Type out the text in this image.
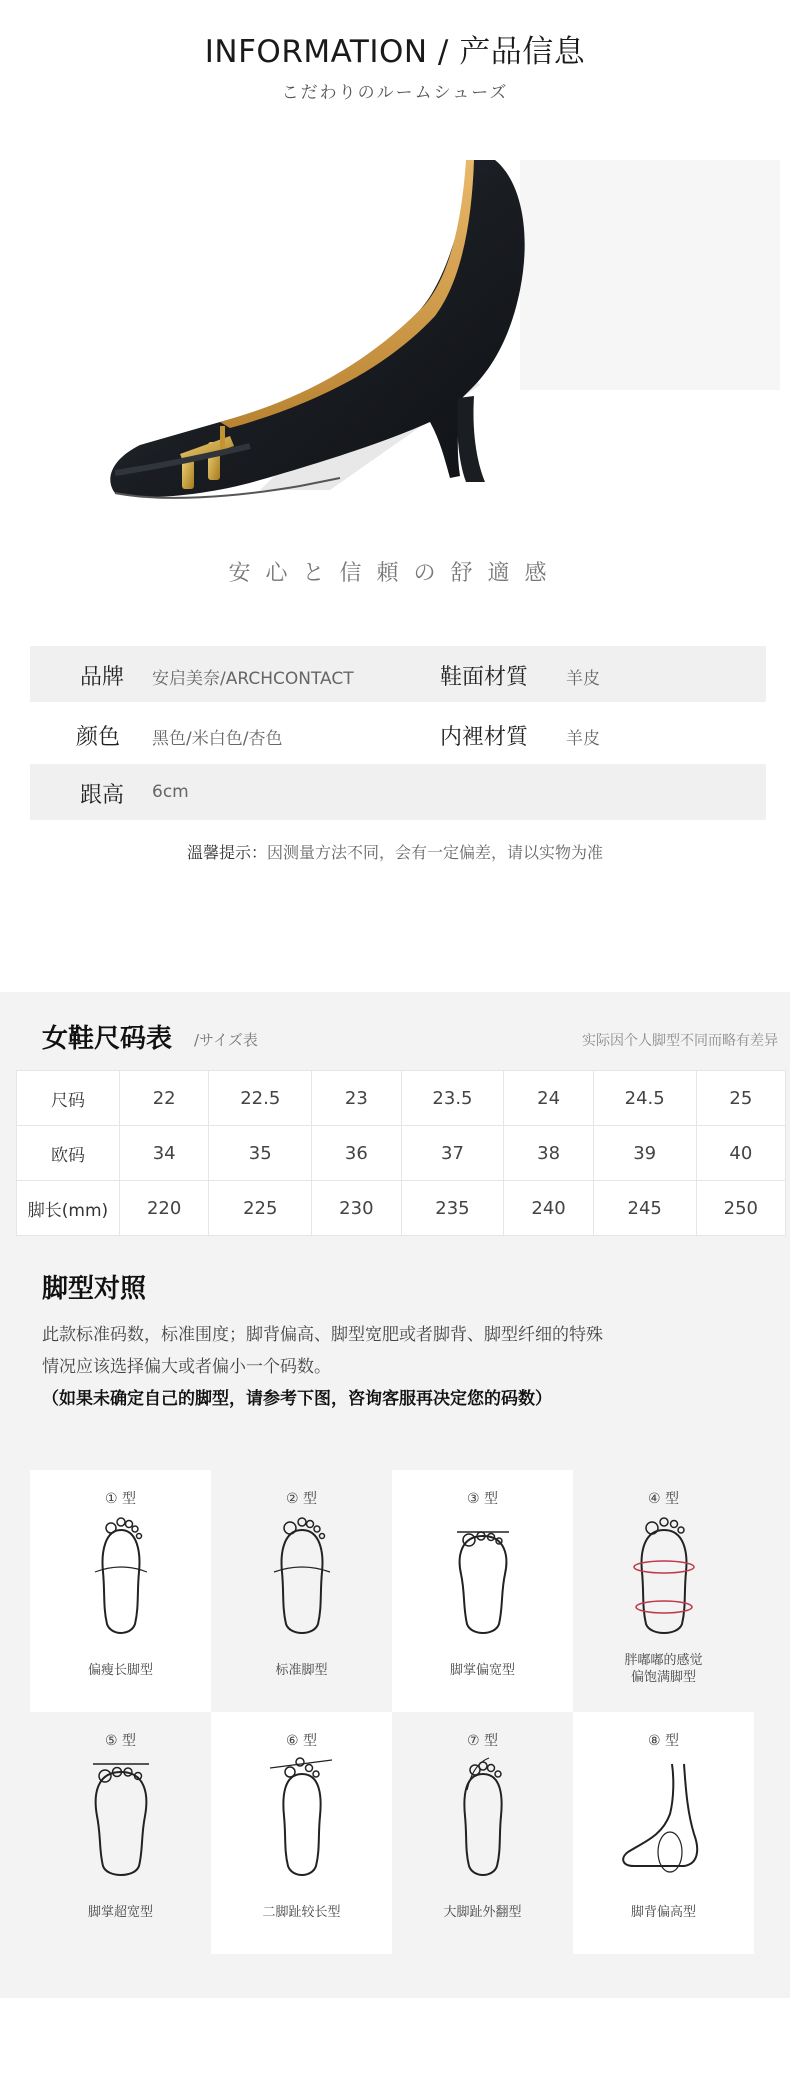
INFORMATION / 产品信息
こだわりのルームシューズ
安心と信頼の舒適感
品牌 安启美奈/ARCHCONTACT	鞋面材質 羊皮
颜色 黑色/米白色/杏色	内裡材質 羊皮
跟高 6cm
溫馨提示：因测量方法不同，会有一定偏差，请以实物为准
女鞋尺码表 /サイズ表	实际因个人脚型不同而略有差异
尺码	22	22.5	23	23.5	24	24.5	25
欧码	34	35	36	37	38	39	40
脚长(mm)	220	225	230	235	240	245	250
脚型对照
此款标准码数，标准围度；脚背偏高、脚型宽肥或者脚背、脚型纤细的特殊
情况应该选择偏大或者偏小一个码数。
（如果未确定自己的脚型，请参考下图，咨询客服再决定您的码数）
① 型
偏瘦长脚型
② 型
标准脚型
③ 型
脚掌偏宽型
④ 型
胖嘟嘟的感觉
偏饱满脚型
⑤ 型
脚掌超宽型
⑥ 型
二脚趾较长型
⑦ 型
大脚趾外翻型
⑧ 型
脚背偏高型
